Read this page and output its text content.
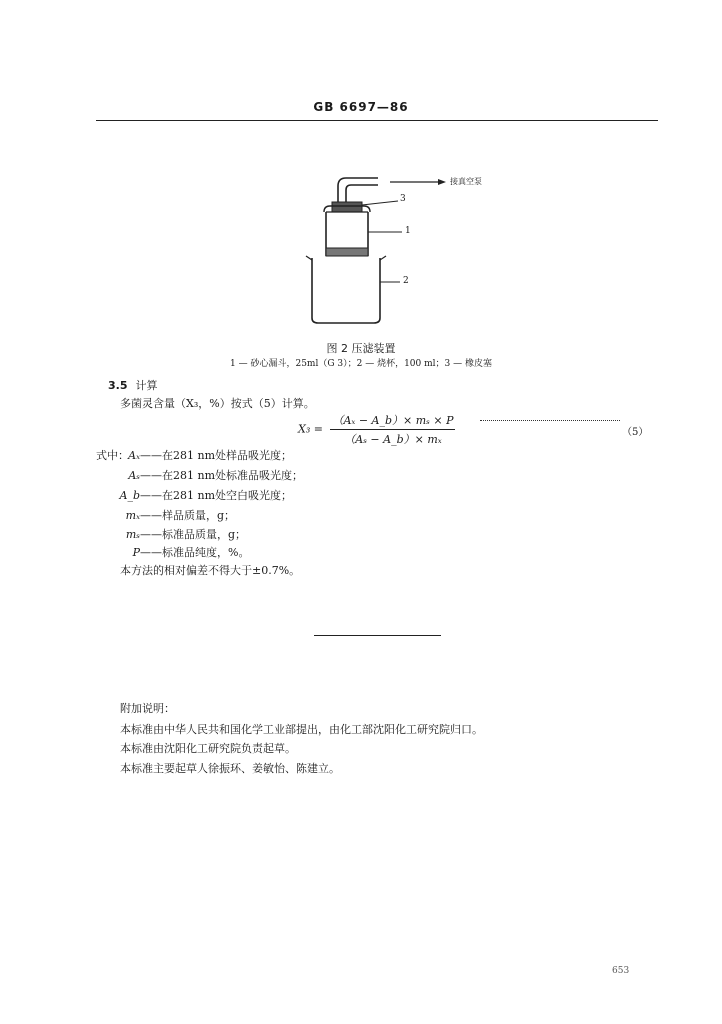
GB 6697—86
接真空泵
3
1
2
图 2 压滤装置
1 — 砂心漏斗，25ml（G 3）；2 — 烧杯，100 ml；3 — 橡皮塞
3.5 计算
多菌灵含量（X₃，%）按式（5）计算。
$X_3 = \frac{\text{（Aₓ − A\_b）× mₛ × P}}{\text{（Aₛ − A\_b）× mₓ}}$	（5）
式中： Aₓ——在281 nm处样品吸光度；
Aₛ——在281 nm处标准品吸光度；
A_b——在281 nm处空白吸光度；
mₓ——样品质量，g；
mₛ——标准品质量，g；
P——标准品纯度，%。
本方法的相对偏差不得大于±0.7%。
附加说明：
本标准由中华人民共和国化学工业部提出，由化工部沈阳化工研究院归口。
本标准由沈阳化工研究院负责起草。
本标准主要起草人徐振环、姜敏怡、陈建立。
653
